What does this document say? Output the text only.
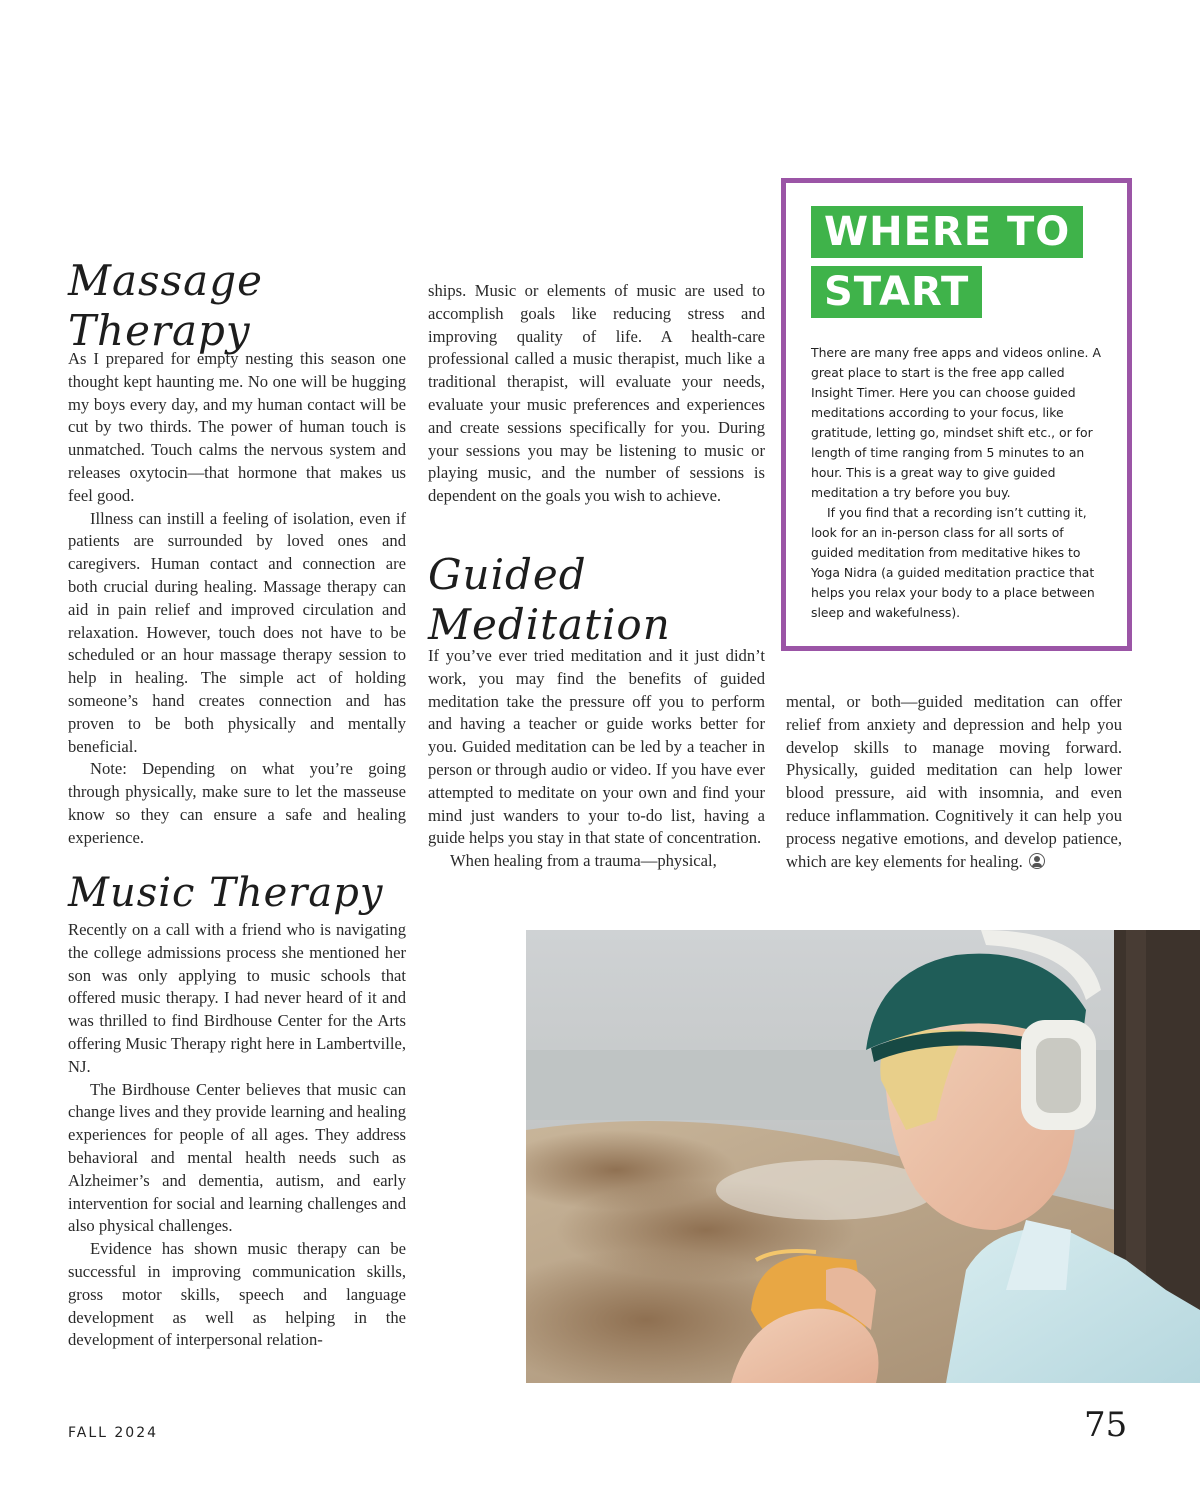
Massage
Therapy

As I prepared for empty nesting this season one thought kept haunting me. No one will be hugging my boys every day, and my human contact will be cut by two thirds. The power of human touch is unmatched. Touch calms the nervous system and releases oxytocin—that hormone that makes us feel good.

Illness can instill a feeling of isolation, even if patients are surrounded by loved ones and caregivers. Human contact and connection are both crucial during healing. Massage therapy can aid in pain relief and improved circulation and relaxation. However, touch does not have to be scheduled or an hour massage therapy session to help in healing. The simple act of holding someone’s hand creates connection and has proven to be both physically and mentally beneficial.

Note: Depending on what you’re going through physically, make sure to let the masseuse know so they can ensure a safe and healing experience.

Music Therapy

Recently on a call with a friend who is navigating the college admissions process she mentioned her son was only applying to music schools that offered music therapy. I had never heard of it and was thrilled to find Birdhouse Center for the Arts offering Music Therapy right here in Lambertville, NJ.

The Birdhouse Center believes that music can change lives and they provide learning and healing experiences for people of all ages. They address behavioral and mental health needs such as Alzheimer’s and dementia, autism, and early intervention for social and learning challenges and also physical challenges.

Evidence has shown music therapy can be successful in improving communication skills, gross motor skills, speech and language development as well as helping in the development of interpersonal relation-

ships. Music or elements of music are used to accomplish goals like reducing stress and improving quality of life. A health-care professional called a music therapist, much like a traditional therapist, will evaluate your needs, evaluate your music preferences and experiences and create sessions specifically for you. During your sessions you may be listening to music or playing music, and the number of sessions is dependent on the goals you wish to achieve.

Guided
Meditation

If you’ve ever tried meditation and it just didn’t work, you may find the benefits of guided meditation take the pressure off you to perform and having a teacher or guide works better for you. Guided meditation can be led by a teacher in person or through audio or video. If you have ever attempted to meditate on your own and find your mind just wanders to your to-do list, having a guide helps you stay in that state of concentration.

When healing from a trauma—physical,

mental, or both—guided meditation can offer relief from anxiety and depression and help you develop skills to manage moving forward. Physically, guided meditation can help lower blood pressure, aid with insomnia, and even reduce inflammation. Cognitively it can help you process negative emotions, and develop patience, which are key elements for healing.

WHERE TO
START

There are many free apps and videos online. A great place to start is the free app called Insight Timer. Here you can choose guided meditations according to your focus, like gratitude, letting go, mindset shift etc., or for length of time ranging from 5 minutes to an hour. This is a great way to give guided meditation a try before you buy.

If you find that a recording isn’t cutting it, look for an in-person class for all sorts of guided meditation from meditative hikes to Yoga Nidra (a guided meditation practice that helps you relax your body to a place between sleep and wakefulness).

FALL 2024	75
